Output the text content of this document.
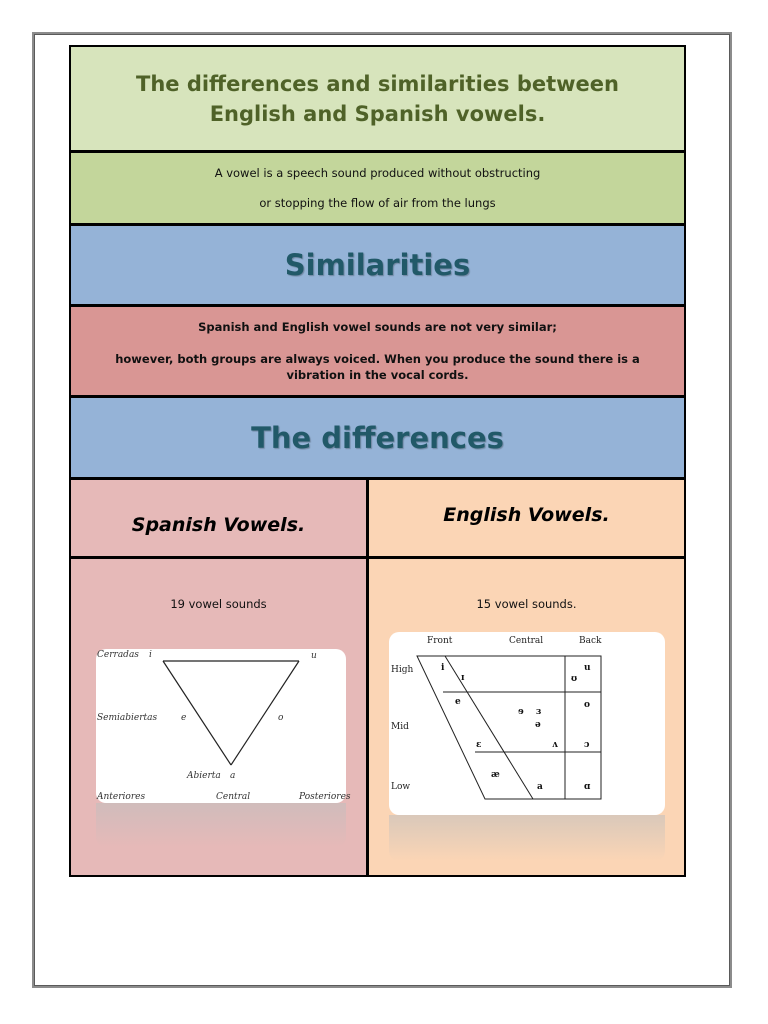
The differences and similarities between English and Spanish vowels.
A vowel is a speech sound produced without obstructing

or stopping the flow of air from the lungs
Similarities
Spanish and English vowel sounds are not very similar;

however, both groups are always voiced. When you produce the sound there is a vibration in the vocal cords.
The differences
Spanish Vowels.	English Vowels.
19 vowel sounds
Cerradas i	u
Semiabiertas	e	o
Abierta a
Anteriores	Central	Posteriores
15 vowel sounds.
Front	Central	Back
High
Mid
Low
i
ɪ
u
ʊ
e
ɘ ɜ
ə
o
ɛ	ʌ	ɔ
æ
a	ɑ
